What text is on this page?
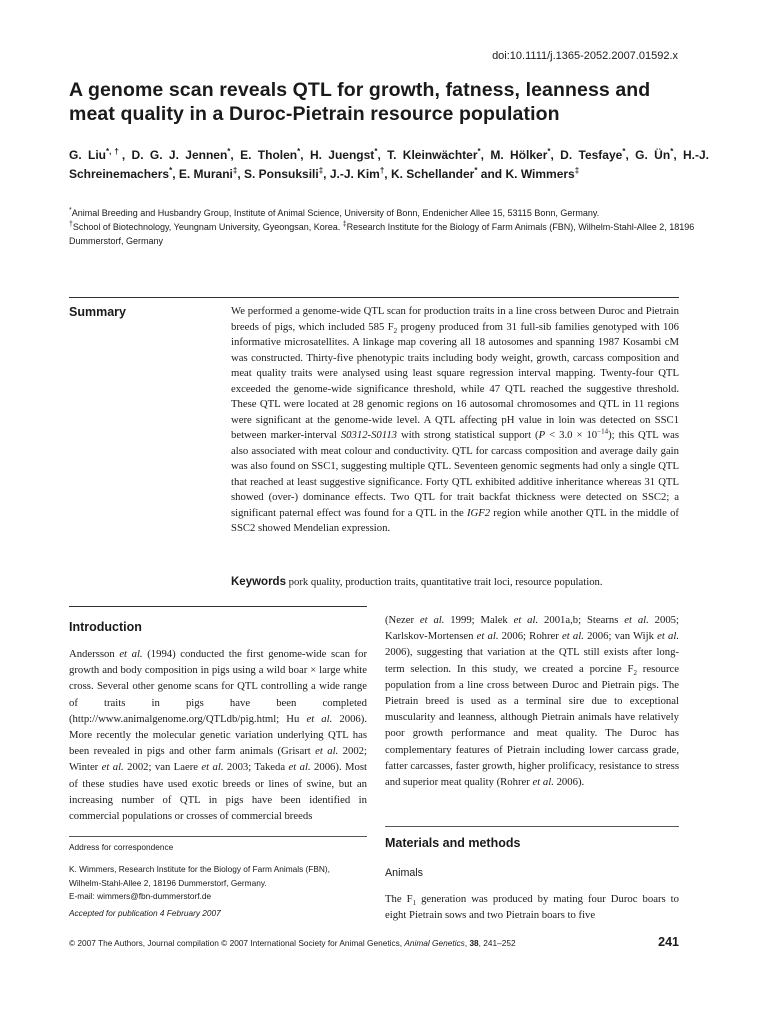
doi:10.1111/j.1365-2052.2007.01592.x
A genome scan reveals QTL for growth, fatness, leanness and meat quality in a Duroc-Pietrain resource population

G. Liu*,†, D. G. J. Jennen*, E. Tholen*, H. Juengst*, T. Kleinwächter*, M. Hölker*, D. Tesfaye*, G. Ün*, H.-J. Schreinemachers*, E. Murani‡, S. Ponsuksili‡, J.-J. Kim†, K. Schellander* and K. Wimmers‡

*Animal Breeding and Husbandry Group, Institute of Animal Science, University of Bonn, Endenicher Allee 15, 53115 Bonn, Germany.
†School of Biotechnology, Yeungnam University, Gyeongsan, Korea. ‡Research Institute for the Biology of Farm Animals (FBN), Wilhelm-Stahl-Allee 2, 18196 Dummerstorf, Germany
Summary	We performed a genome-wide QTL scan for production traits in a line cross between Duroc and Pietrain breeds of pigs, which included 585 $F_2$ progeny produced from 31 full-sib families genotyped with 106 informative microsatellites. A linkage map covering all 18 autosomes and spanning 1987 Kosambi cM was constructed. Thirty-five phenotypic traits including body weight, growth, carcass composition and meat quality traits were analysed using least square regression interval mapping. Twenty-four QTL exceeded the genome-wide significance threshold, while 47 QTL reached the suggestive threshold. These QTL were located at 28 genomic regions on 16 autosomal chromosomes and QTL in 11 regions were significant at the genome-wide level. A QTL affecting pH value in loin was detected on SSC1 between marker-interval S0312-S0113 with strong statistical support $(P < 3.0 \times 10^{-14})$; this QTL was also associated with meat colour and conductivity. QTL for carcass composition and average daily gain was also found on SSC1, suggesting multiple QTL. Seventeen genomic segments had only a single QTL that reached at least suggestive significance. Forty QTL exhibited additive inheritance whereas 31 QTL showed (over-) dominance effects. Two QTL for trait backfat thickness were detected on SSC2; a significant paternal effect was found for a QTL in the IGF2 region while another QTL in the middle of SSC2 showed Mendelian expression.

Keywords pork quality, production traits, quantitative trait loci, resource population.
Introduction

Andersson et al. (1994) conducted the first genome-wide scan for growth and body composition in pigs using a wild boar × large white cross. Several other genome scans for QTL controlling a wide range of traits in pigs have been completed (http://www.animalgenome.org/QTLdb/pig.html; Hu et al. 2006). More recently the molecular genetic variation underlying QTL has been revealed in pigs and other farm animals (Grisart et al. 2002; Winter et al. 2002; van Laere et al. 2003; Takeda et al. 2006). Most of these studies have used exotic breeds or lines of swine, but an increasing number of QTL in pigs have been identified in commercial populations or crosses of commercial breeds

(Nezer et al. 1999; Malek et al. 2001a,b; Stearns et al. 2005; Karlskov-Mortensen et al. 2006; Rohrer et al. 2006; van Wijk et al. 2006), suggesting that variation at the QTL still exists after long-term selection. In this study, we created a porcine $F_2$ resource population from a line cross between Duroc and Pietrain pigs. The Pietrain breed is used as a terminal sire due to exceptional muscularity and leanness, although Pietrain animals have relatively poor growth performance and meat quality. The Duroc has complementary features of Pietrain including lower carcass grade, fatter carcasses, faster growth, higher prolificacy, resistance to stress and superior meat quality (Rohrer et al. 2006).

Address for correspondence

K. Wimmers, Research Institute for the Biology of Farm Animals (FBN),
Wilhelm-Stahl-Allee 2, 18196 Dummerstorf, Germany.
E-mail: wimmers@fbn-dummerstorf.de

Accepted for publication 4 February 2007
Materials and methods
Animals

The $F_1$ generation was produced by mating four Duroc boars to eight Pietrain sows and two Pietrain boars to five

© 2007 The Authors, Journal compilation © 2007 International Society for Animal Genetics, Animal Genetics, 38, 241–252	241
